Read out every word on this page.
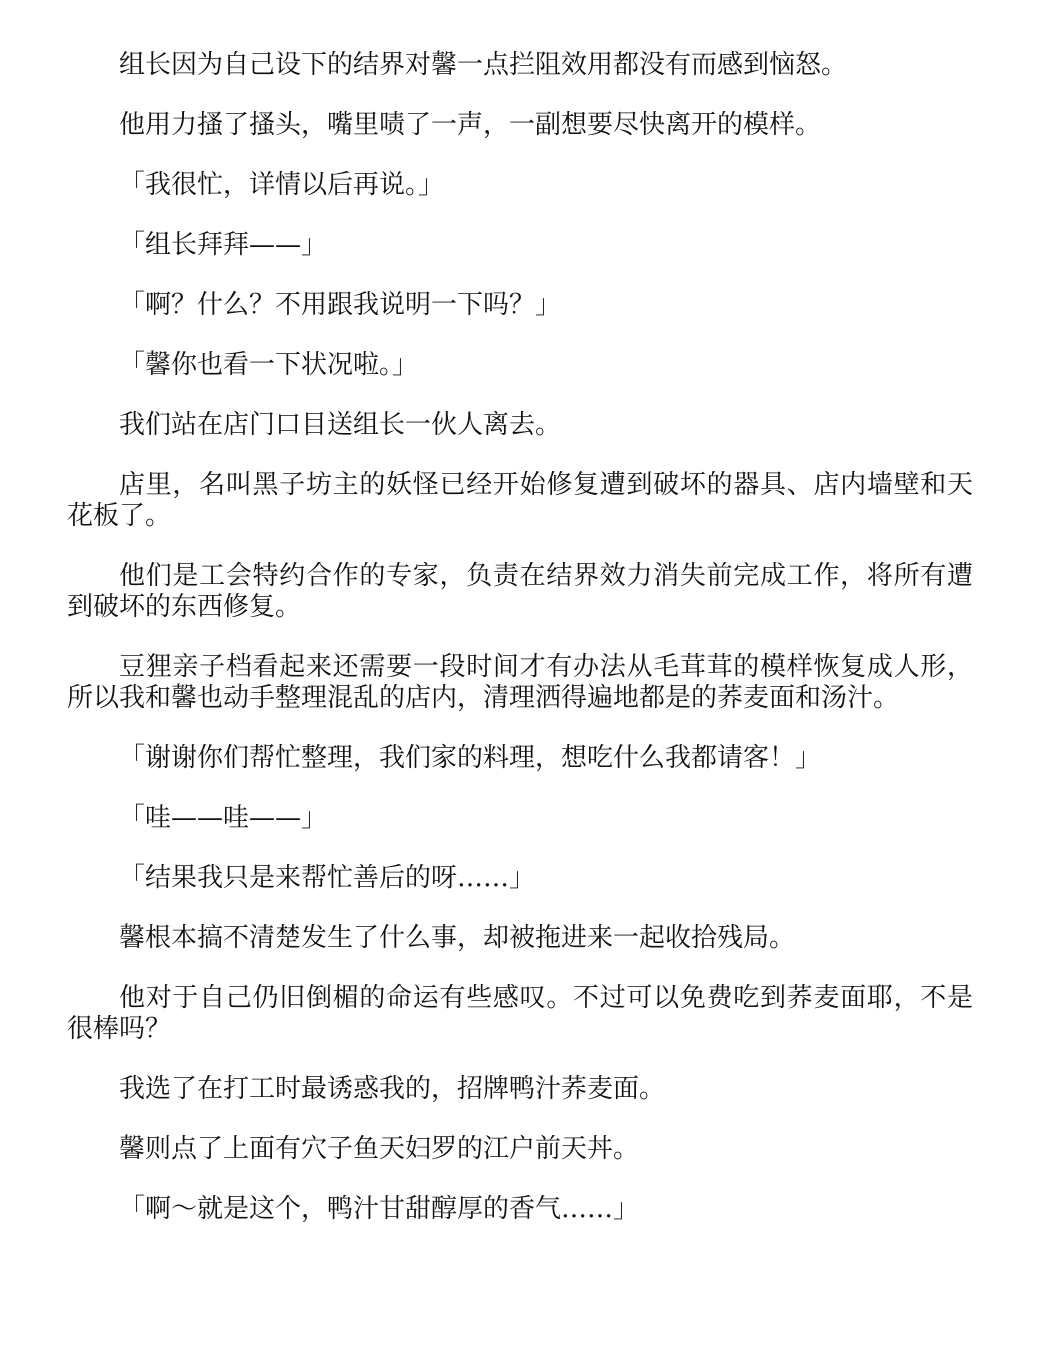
组长因为自己设下的结界对馨一点拦阻效用都没有而感到恼怒。

他用力搔了搔头，嘴里啧了一声，一副想要尽快离开的模样。

「我很忙，详情以后再说。」

「组长拜拜——」

「啊？什么？不用跟我说明一下吗？」

「馨你也看一下状况啦。」

我们站在店门口目送组长一伙人离去。

店里，名叫黑子坊主的妖怪已经开始修复遭到破坏的器具、店内墙壁和天花板了。

他们是工会特约合作的专家，负责在结界效力消失前完成工作，将所有遭到破坏的东西修复。

豆狸亲子档看起来还需要一段时间才有办法从毛茸茸的模样恢复成人形，所以我和馨也动手整理混乱的店内，清理洒得遍地都是的荞麦面和汤汁。

「谢谢你们帮忙整理，我们家的料理，想吃什么我都请客！」

「哇——哇——」

「结果我只是来帮忙善后的呀……」

馨根本搞不清楚发生了什么事，却被拖进来一起收拾残局。

他对于自己仍旧倒楣的命运有些感叹。不过可以免费吃到荞麦面耶，不是很棒吗？

我选了在打工时最诱惑我的，招牌鸭汁荞麦面。

馨则点了上面有穴子鱼天妇罗的江户前天丼。

「啊～就是这个，鸭汁甘甜醇厚的香气……」
